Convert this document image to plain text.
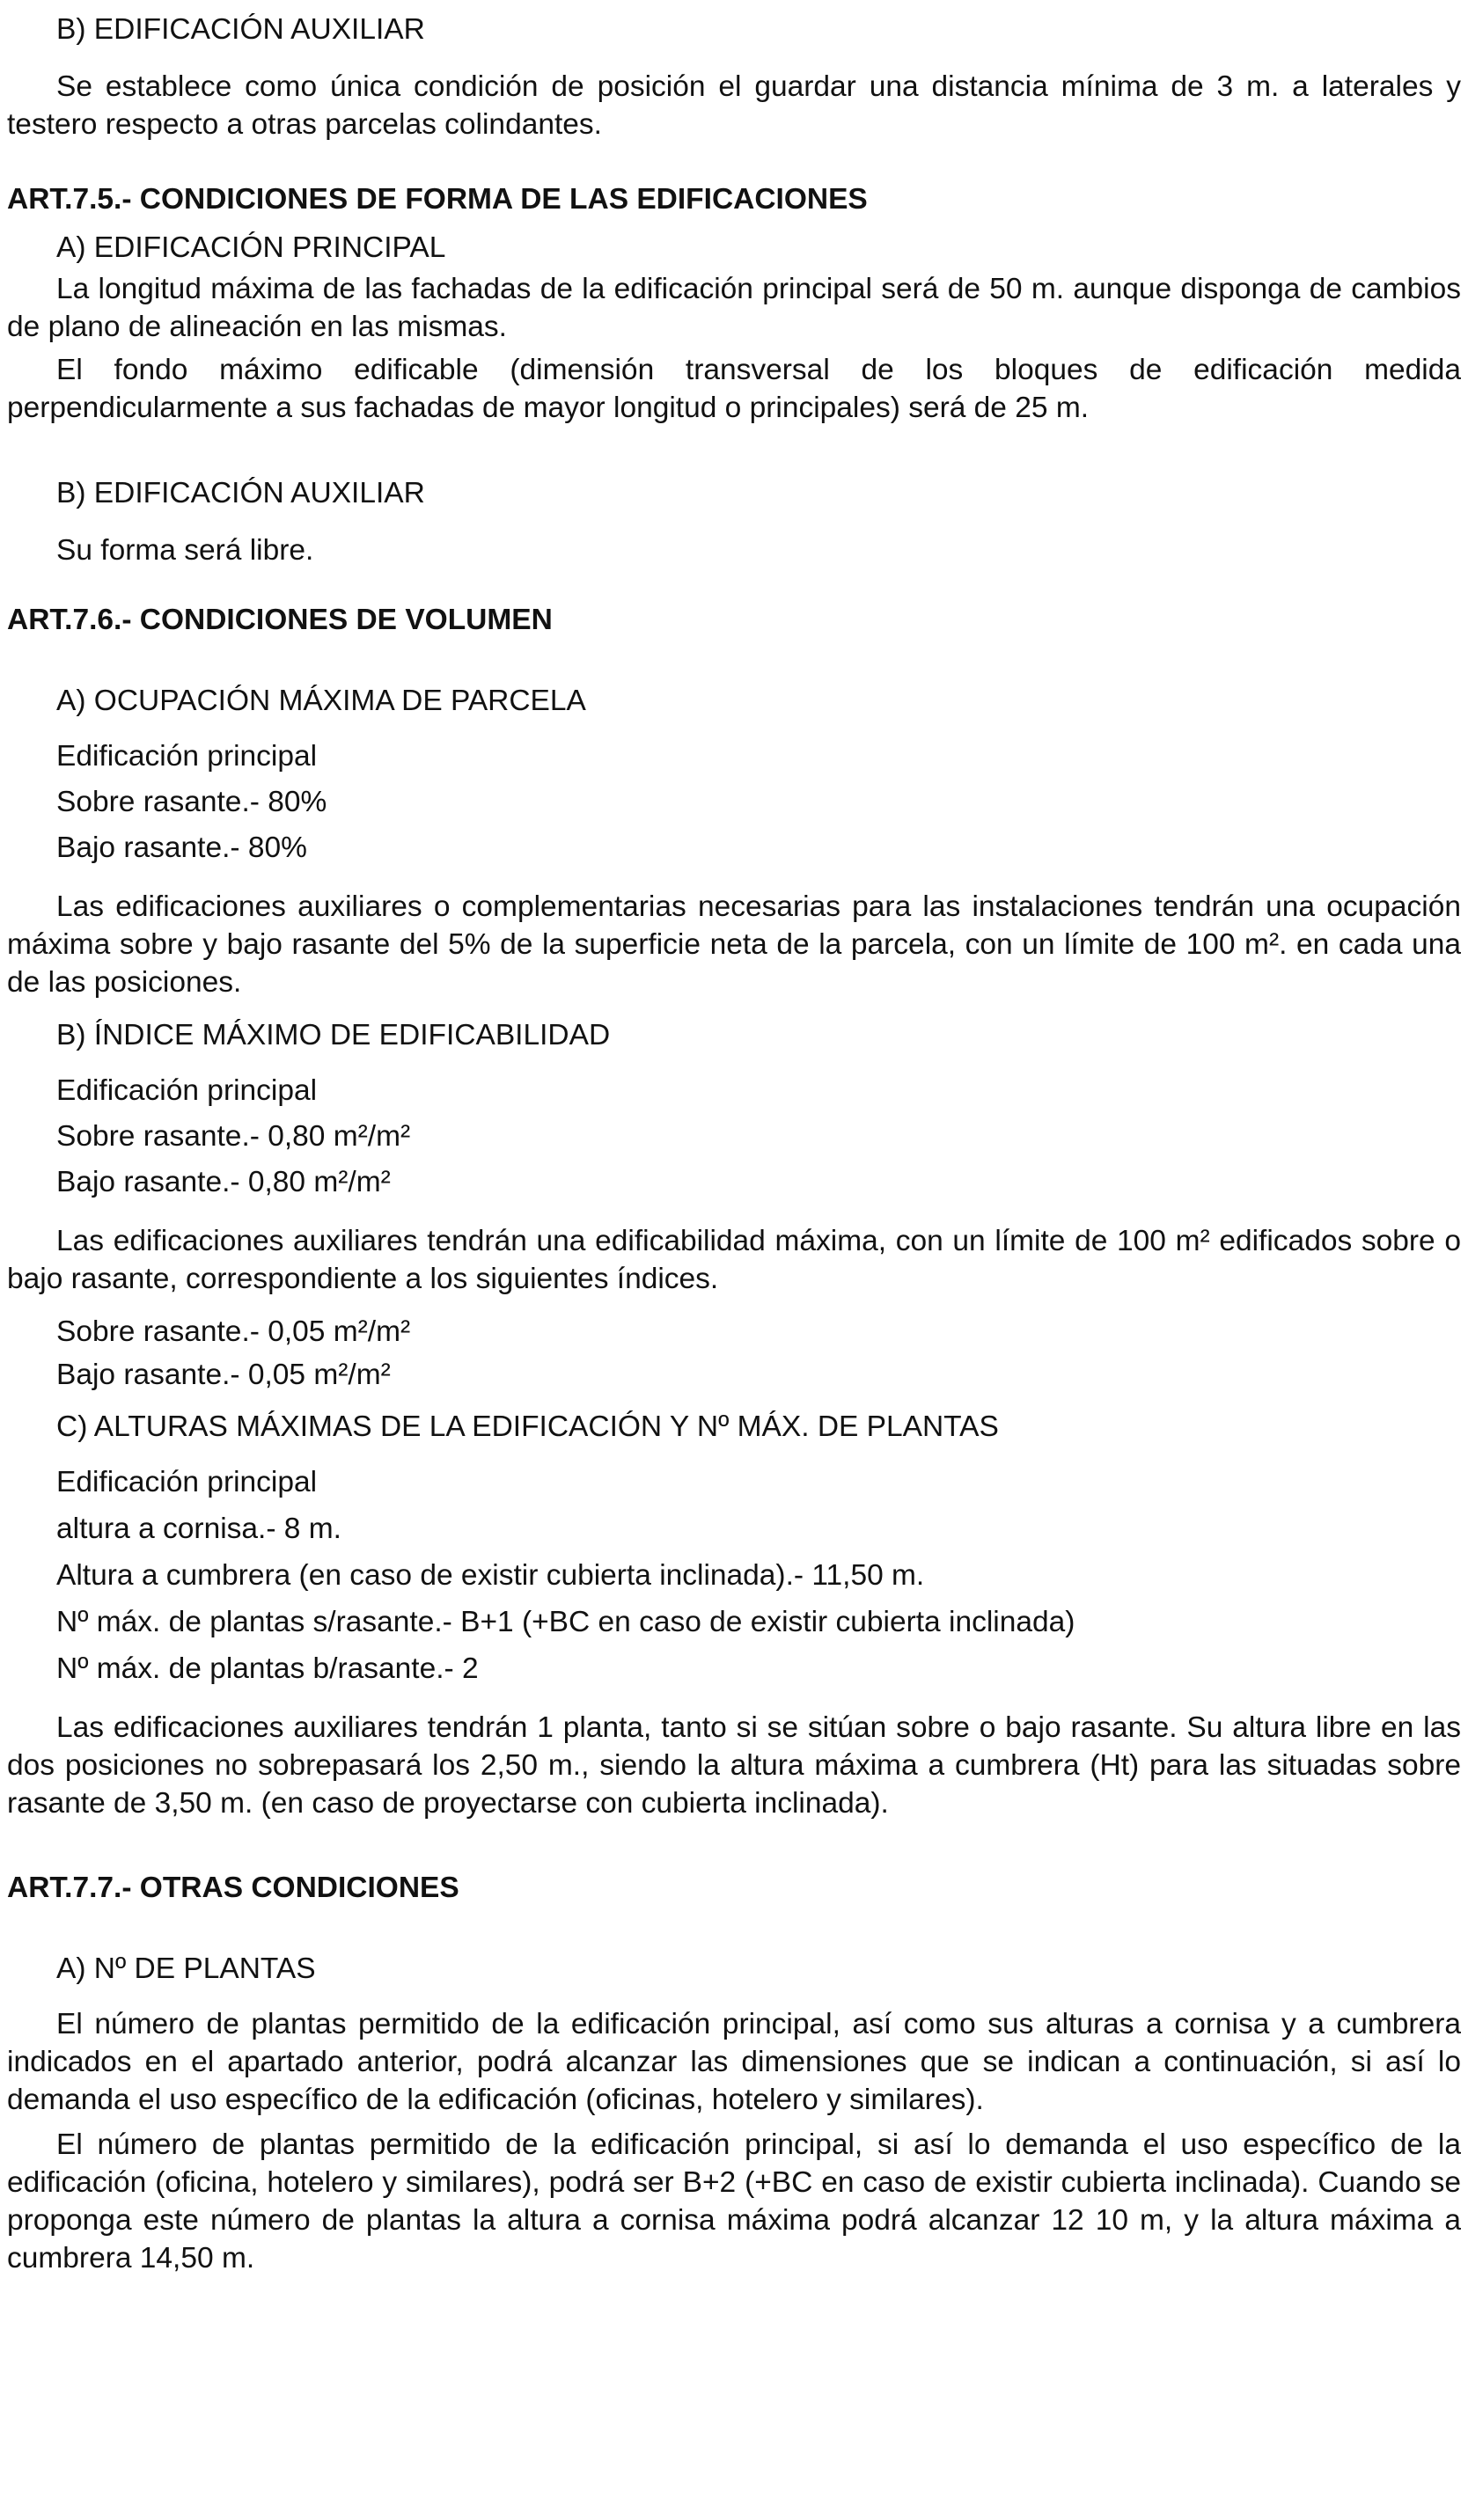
B) EDIFICACIÓN AUXILIAR

Se establece como única condición de posición el guardar una distancia mínima de 3 m. a laterales y testero respecto a otras parcelas colindantes.

ART.7.5.- CONDICIONES DE FORMA DE LAS EDIFICACIONES

A) EDIFICACIÓN PRINCIPAL

La longitud máxima de las fachadas de la edificación principal será de 50 m. aunque disponga de cambios de plano de alineación en las mismas.

El fondo máximo edificable (dimensión transversal de los bloques de edificación medida perpendicularmente a sus fachadas de mayor longitud o principales) será de 25 m.

B) EDIFICACIÓN AUXILIAR

Su forma será libre.

ART.7.6.- CONDICIONES DE VOLUMEN

A) OCUPACIÓN MÁXIMA DE PARCELA

Edificación principal

Sobre rasante.- 80%

Bajo rasante.- 80%

Las edificaciones auxiliares o complementarias necesarias para las instalaciones tendrán una ocupación máxima sobre y bajo rasante del 5% de la superficie neta de la parcela, con un límite de 100 m². en cada una de las posiciones.

B) ÍNDICE MÁXIMO DE EDIFICABILIDAD

Edificación principal

Sobre rasante.- 0,80 m²/m²

Bajo rasante.- 0,80 m²/m²

Las edificaciones auxiliares tendrán una edificabilidad máxima, con un límite de 100 m² edificados sobre o bajo rasante, correspondiente a los siguientes índices.

Sobre rasante.- 0,05 m²/m²

Bajo rasante.- 0,05 m²/m²

C) ALTURAS MÁXIMAS DE LA EDIFICACIÓN Y Nº MÁX. DE PLANTAS

Edificación principal

altura a cornisa.- 8 m.

Altura a cumbrera (en caso de existir cubierta inclinada).- 11,50 m.

Nº máx. de plantas s/rasante.- B+1 (+BC en caso de existir cubierta inclinada)

Nº máx. de plantas b/rasante.- 2

Las edificaciones auxiliares tendrán 1 planta, tanto si se sitúan sobre o bajo rasante. Su altura libre en las dos posiciones no sobrepasará los 2,50 m., siendo la altura máxima a cumbrera (Ht) para las situadas sobre rasante de 3,50 m. (en caso de proyectarse con cubierta inclinada).

ART.7.7.- OTRAS CONDICIONES

A) Nº DE PLANTAS

El número de plantas permitido de la edificación principal, así como sus alturas a cornisa y a cumbrera indicados en el apartado anterior, podrá alcanzar las dimensiones que se indican a continuación, si así lo demanda el uso específico de la edificación (oficinas, hotelero y similares).

El número de plantas permitido de la edificación principal, si así lo demanda el uso específico de la edificación (oficina, hotelero y similares), podrá ser B+2 (+BC en caso de existir cubierta inclinada). Cuando se proponga este número de plantas la altura a cornisa máxima podrá alcanzar 12 10 m, y la altura máxima a cumbrera 14,50 m.
